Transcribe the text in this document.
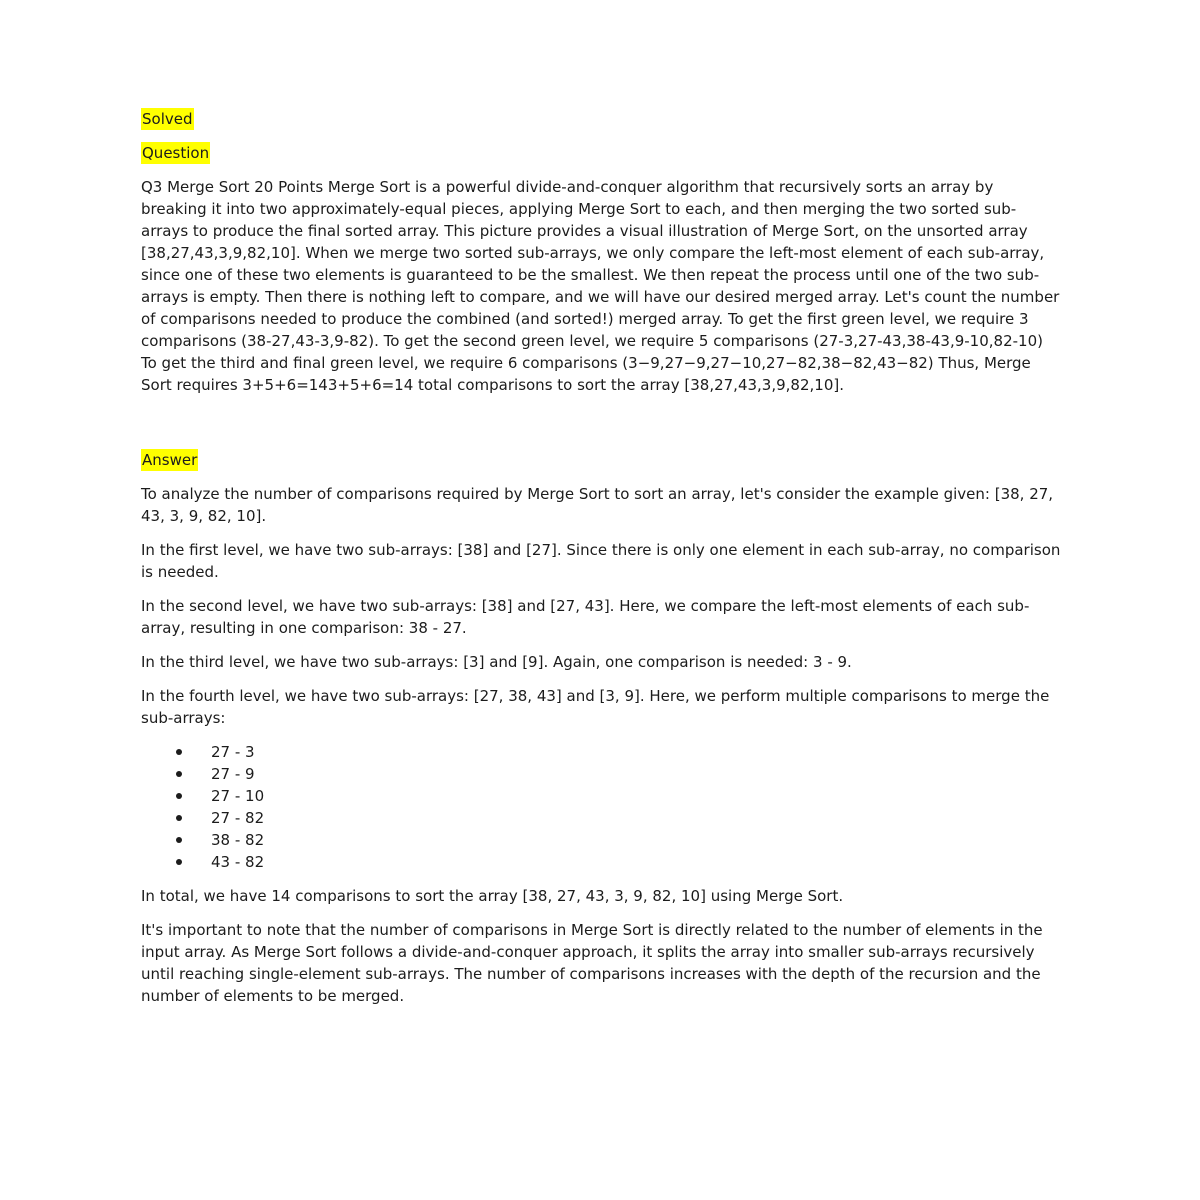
Solved
Question

Q3 Merge Sort 20 Points Merge Sort is a powerful divide-and-conquer algorithm that recursively sorts an array by breaking it into two approximately-equal pieces, applying Merge Sort to each, and then merging the two sorted sub-arrays to produce the final sorted array. This picture provides a visual illustration of Merge Sort, on the unsorted array [38,27,43,3,9,82,10]. When we merge two sorted sub-arrays, we only compare the left-most element of each sub-array, since one of these two elements is guaranteed to be the smallest. We then repeat the process until one of the two sub-arrays is empty. Then there is nothing left to compare, and we will have our desired merged array. Let's count the number of comparisons needed to produce the combined (and sorted!) merged array. To get the first green level, we require 3 comparisons (38-27,43-3,9-82). To get the second green level, we require 5 comparisons (27-3,27-43,38-43,9-10,82-10) To get the third and final green level, we require 6 comparisons (3−9,27−9,27−10,27−82,38−82,43−82) Thus, Merge Sort requires 3+5+6=143+5+6=14 total comparisons to sort the array [38,27,43,3,9,82,10].

Answer

To analyze the number of comparisons required by Merge Sort to sort an array, let's consider the example given: [38, 27, 43, 3, 9, 82, 10].

In the first level, we have two sub-arrays: [38] and [27]. Since there is only one element in each sub-array, no comparison is needed.

In the second level, we have two sub-arrays: [38] and [27, 43]. Here, we compare the left-most elements of each sub-array, resulting in one comparison: 38 - 27.

In the third level, we have two sub-arrays: [3] and [9]. Again, one comparison is needed: 3 - 9.

In the fourth level, we have two sub-arrays: [27, 38, 43] and [3, 9]. Here, we perform multiple comparisons to merge the sub-arrays:

27 - 3
27 - 9
27 - 10
27 - 82
38 - 82
43 - 82

In total, we have 14 comparisons to sort the array [38, 27, 43, 3, 9, 82, 10] using Merge Sort.

It's important to note that the number of comparisons in Merge Sort is directly related to the number of elements in the input array. As Merge Sort follows a divide-and-conquer approach, it splits the array into smaller sub-arrays recursively until reaching single-element sub-arrays. The number of comparisons increases with the depth of the recursion and the number of elements to be merged.
